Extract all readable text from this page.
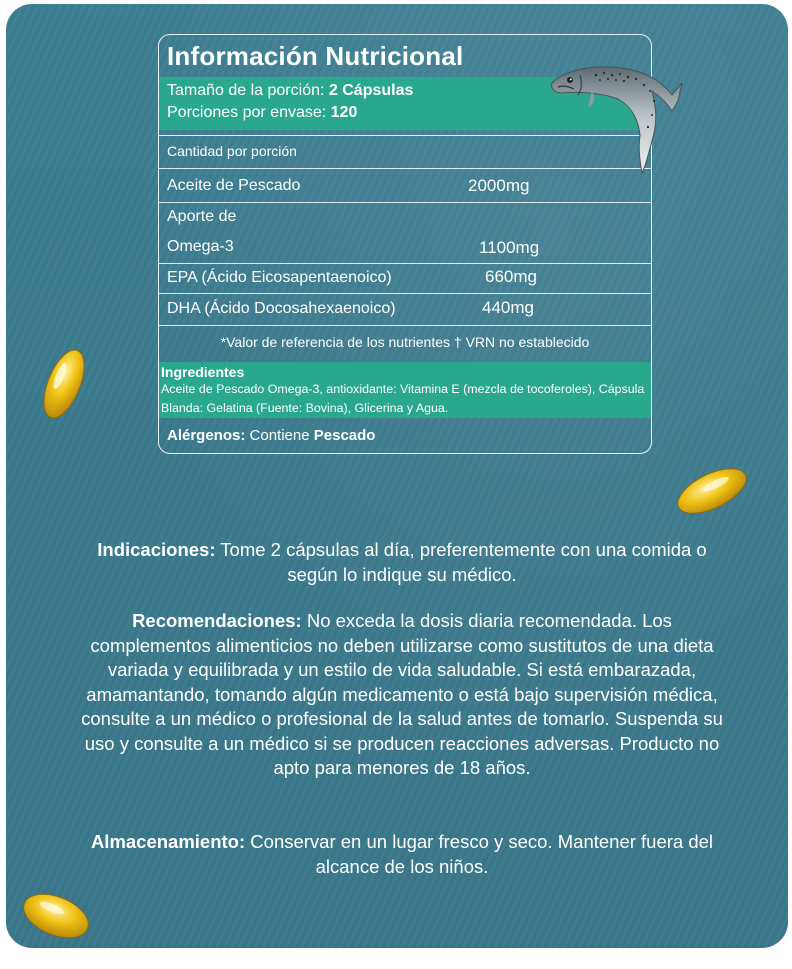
Información Nutricional
Tamaño de la porción: 2 Cápsulas
Porciones por envase: 120
Cantidad por porción
Aceite de Pescado	2000mg
Aporte de
Omega-3	1100mg
EPA (Ácido Eicosapentaenoico)	660mg
DHA (Ácido Docosahexaenoico)	440mg
*Valor de referencia de los nutrientes † VRN no establecido
Ingredientes
Aceite de Pescado Omega-3, antioxidante: Vitamina E (mezcla de tocoferoles), Cápsula Blanda: Gelatina (Fuente: Bovina), Glicerina y Agua.
Alérgenos: Contiene Pescado
Indicaciones: Tome 2 cápsulas al día, preferentemente con una comida o según lo indique su médico.
Recomendaciones: No exceda la dosis diaria recomendada. Los complementos alimenticios no deben utilizarse como sustitutos de una dieta variada y equilibrada y un estilo de vida saludable. Si está embarazada, amamantando, tomando algún medicamento o está bajo supervisión médica, consulte a un médico o profesional de la salud antes de tomarlo. Suspenda su uso y consulte a un médico si se producen reacciones adversas. Producto no apto para menores de 18 años.
Almacenamiento: Conservar en un lugar fresco y seco. Mantener fuera del alcance de los niños.
